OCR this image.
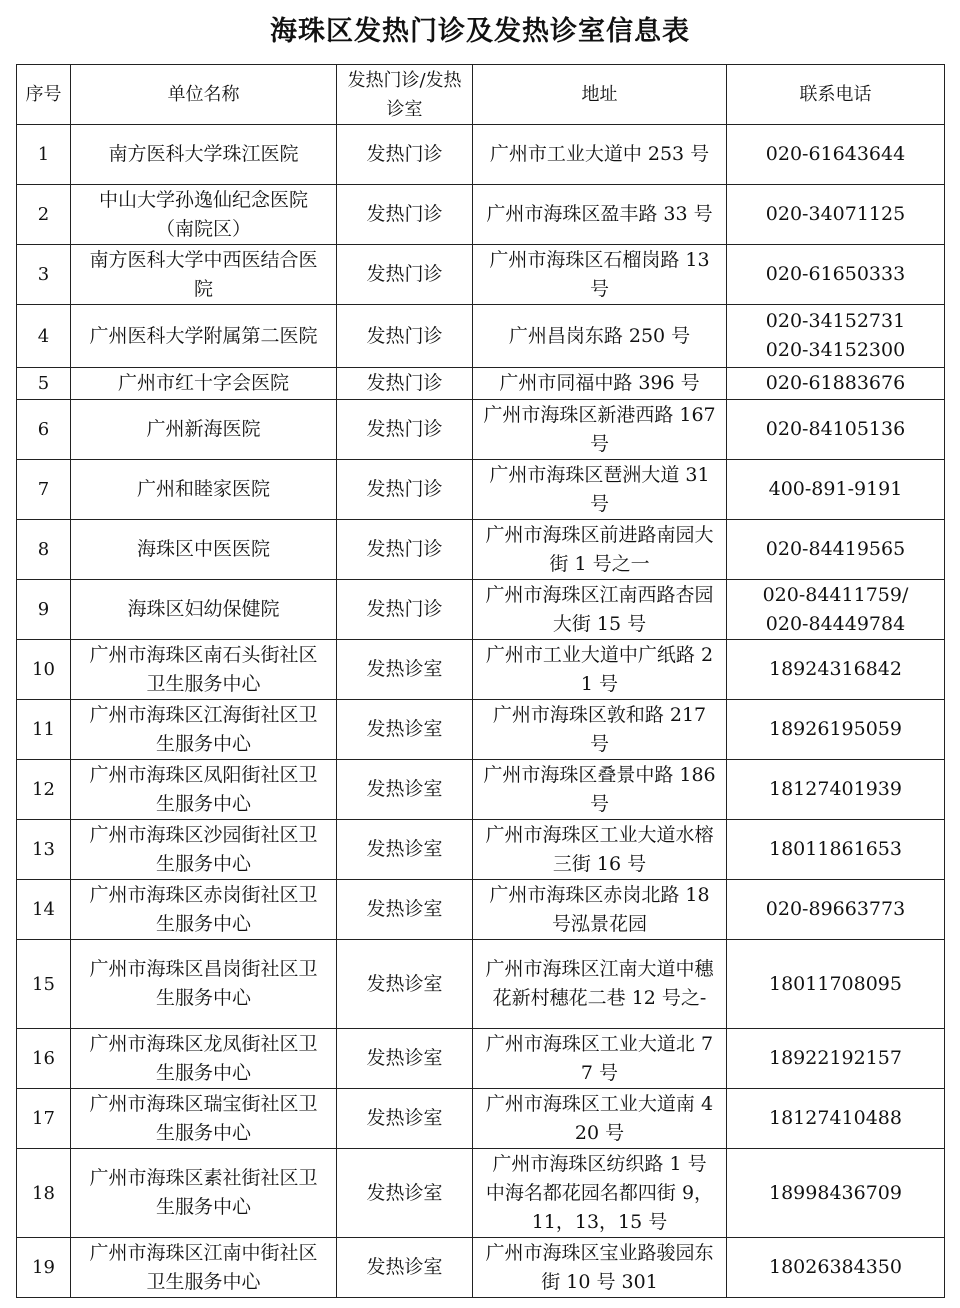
海珠区发热门诊及发热诊室信息表
序号	单位名称	发热门诊/发热诊室	地址	联系电话
1	南方医科大学珠江医院	发热门诊	广州市工业大道中 253 号	020-61643644

2	中山大学孙逸仙纪念医院（南院区）	发热门诊	广州市海珠区盈丰路 33 号	020-34071125

3	南方医科大学中西医结合医院	发热门诊	广州市海珠区石榴岗路 13 号	020-61650333

4	广州医科大学附属第二医院	发热门诊	广州昌岗东路 250 号	020-34152731
020-34152300

5	广州市红十字会医院	发热门诊	广州市同福中路 396 号	020-61883676

6	广州新海医院	发热门诊	广州市海珠区新港西路 167 号	020-84105136

7	广州和睦家医院	发热门诊	广州市海珠区琶洲大道 31 号	400-891-9191

8	海珠区中医医院	发热门诊	广州市海珠区前进路南园大街 1 号之一	020-84419565

9	海珠区妇幼保健院	发热门诊	广州市海珠区江南西路杏园大街 15 号	020-84411759/
020-84449784

10	广州市海珠区南石头街社区卫生服务中心	发热诊室	广州市工业大道中广纸路 21 号	18924316842

11	广州市海珠区江海街社区卫生服务中心	发热诊室	广州市海珠区敦和路 217 号	18926195059

12	广州市海珠区凤阳街社区卫生服务中心	发热诊室	广州市海珠区叠景中路 186 号	18127401939

13	广州市海珠区沙园街社区卫生服务中心	发热诊室	广州市海珠区工业大道水榕三街 16 号	18011861653

14	广州市海珠区赤岗街社区卫生服务中心	发热诊室	广州市海珠区赤岗北路 18 号泓景花园	020-89663773

15	广州市海珠区昌岗街社区卫生服务中心	发热诊室	广州市海珠区江南大道中穗花新村穗花二巷 12 号之-	18011708095

16	广州市海珠区龙凤街社区卫生服务中心	发热诊室	广州市海珠区工业大道北 77 号	18922192157

17	广州市海珠区瑞宝街社区卫生服务中心	发热诊室	广州市海珠区工业大道南 420 号	18127410488

18	广州市海珠区素社街社区卫生服务中心	发热诊室	广州市海珠区纺织路 1 号中海名都花园名都四街 9，11，13，15 号	18998436709

19	广州市海珠区江南中街社区卫生服务中心	发热诊室	广州市海珠区宝业路骏园东街 10 号 301	18026384350
